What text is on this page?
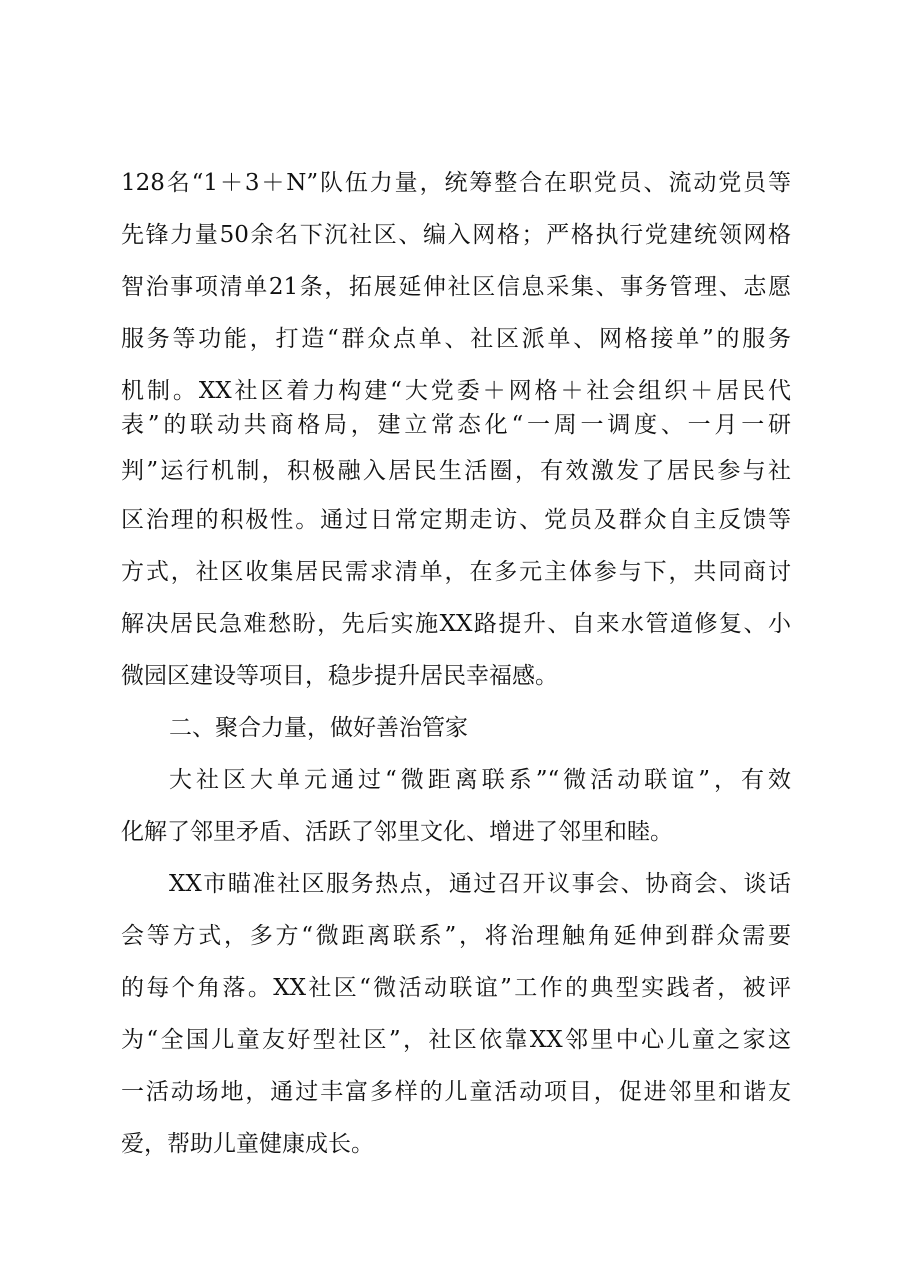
128名“1＋3＋N”队伍力量，统筹整合在职党员、流动党员等
先锋力量50余名下沉社区、编入网格；严格执行党建统领网格
智治事项清单21条，拓展延伸社区信息采集、事务管理、志愿
服务等功能，打造“群众点单、社区派单、网格接单”的服务
机制。XX社区着力构建“大党委＋网格＋社会组织＋居民代
表”的联动共商格局，建立常态化“一周一调度、一月一研
判”运行机制，积极融入居民生活圈，有效激发了居民参与社
区治理的积极性。通过日常定期走访、党员及群众自主反馈等
方式，社区收集居民需求清单，在多元主体参与下，共同商讨
解决居民急难愁盼，先后实施XX路提升、自来水管道修复、小
微园区建设等项目，稳步提升居民幸福感。
二、聚合力量，做好善治管家
大社区大单元通过“微距离联系”“微活动联谊”，有效
化解了邻里矛盾、活跃了邻里文化、增进了邻里和睦。
XX市瞄准社区服务热点，通过召开议事会、协商会、谈话
会等方式，多方“微距离联系”，将治理触角延伸到群众需要
的每个角落。XX社区“微活动联谊”工作的典型实践者，被评
为“全国儿童友好型社区”，社区依靠XX邻里中心儿童之家这
一活动场地，通过丰富多样的儿童活动项目，促进邻里和谐友
爱，帮助儿童健康成长。
